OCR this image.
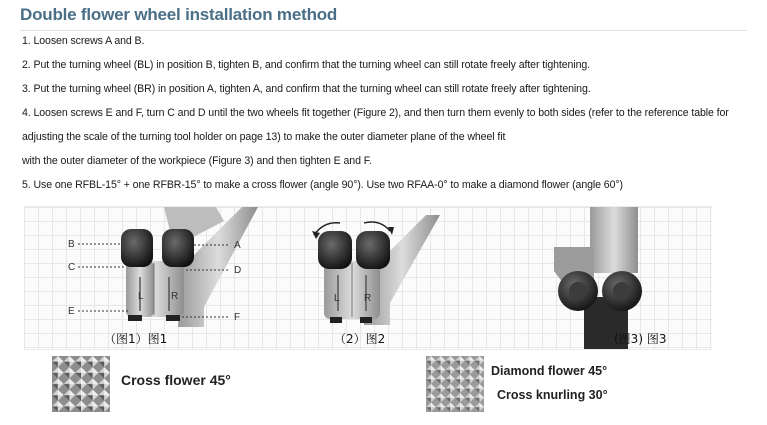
Double flower wheel installation method
1. Loosen screws A and B.
2. Put the turning wheel (BL) in position B, tighten B, and confirm that the turning wheel can still rotate freely after tightening.
3. Put the turning wheel (BR) in position A, tighten A, and confirm that the turning wheel can still rotate freely after tightening.
4. Loosen screws E and F, turn C and D until the two wheels fit together (Figure 2), and then turn them evenly to both sides (refer to the reference table for
adjusting the scale of the turning tool holder on page 13) to make the outer diameter plane of the wheel fit
with the outer diameter of the workpiece (Figure 3) and then tighten E and F.
5. Use one RFBL-15° + one RFBR-15° to make a cross flower (angle 90°). Use two RFAA-0° to make a diamond flower (angle 60°)
L	R
B
C
E
A
D
F
（图1）图1
L R
（2）图2	(图3) 图3
Cross flower 45°
Diamond flower 45°
Cross knurling 30°
